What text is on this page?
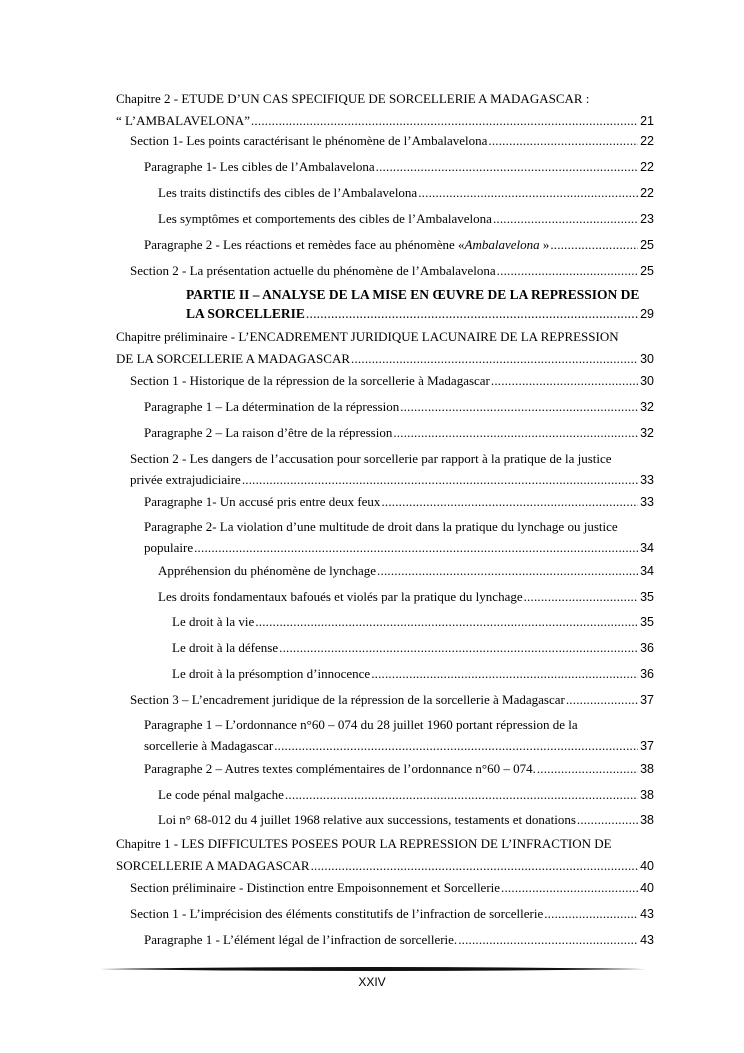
Chapitre 2 - ETUDE D’UN CAS SPECIFIQUE DE SORCELLERIE A MADAGASCAR :
“ L’AMBALAVELONA” .....	21
Section 1- Les points caractérisant le phénomène de l’Ambalavelona .....	22
Paragraphe 1- Les cibles de l’Ambalavelona .....	22
Les traits distinctifs des cibles de l’Ambalavelona .....	22
Les symptômes et comportements des cibles de l’Ambalavelona .....	23
Paragraphe 2 - Les réactions et remèdes face au phénomène «Ambalavelona » .....	25
Section 2 - La présentation actuelle du phénomène de l’Ambalavelona .....	25
PARTIE II – ANALYSE DE LA MISE EN ŒUVRE DE LA REPRESSION DE
LA SORCELLERIE .....	29
Chapitre préliminaire - L’ENCADREMENT JURIDIQUE LACUNAIRE DE LA REPRESSION
DE LA SORCELLERIE A MADAGASCAR .....	30
Section 1 - Historique de la répression de la sorcellerie à Madagascar .....	30
Paragraphe 1 – La détermination de la répression .....	32
Paragraphe 2 – La raison d’être de la répression .....	32
Section 2 - Les dangers de l’accusation pour sorcellerie par rapport à la pratique de la justice
privée extrajudiciaire .....	33
Paragraphe 1- Un accusé pris entre deux feux .....	33
Paragraphe 2- La violation d’une multitude de droit dans la pratique du lynchage ou justice
populaire .....	34
Appréhension du phénomène de lynchage .....	34
Les droits fondamentaux bafoués et violés par la pratique du lynchage .....	35
Le droit à la vie .....	35
Le droit à la défense .....	36
Le droit à la présomption d’innocence .....	36
Section 3 – L’encadrement juridique de la répression de la sorcellerie à Madagascar .....	37
Paragraphe 1 – L’ordonnance n°60 – 074 du 28 juillet 1960 portant répression de la
sorcellerie à Madagascar .....	37
Paragraphe 2 – Autres textes complémentaires de l’ordonnance n°60 – 074. .....	38
Le code pénal malgache .....	38
Loi n° 68-012 du 4 juillet 1968 relative aux successions, testaments et donations .....	38
Chapitre 1 - LES DIFFICULTES POSEES POUR LA REPRESSION DE L’INFRACTION DE
SORCELLERIE A MADAGASCAR .....	40
Section préliminaire - Distinction entre Empoisonnement et Sorcellerie .....	40
Section 1 - L’imprécision des éléments constitutifs de l’infraction de sorcellerie .....	43
Paragraphe 1 - L’élément légal de l’infraction de sorcellerie. .....	43
XXIV
